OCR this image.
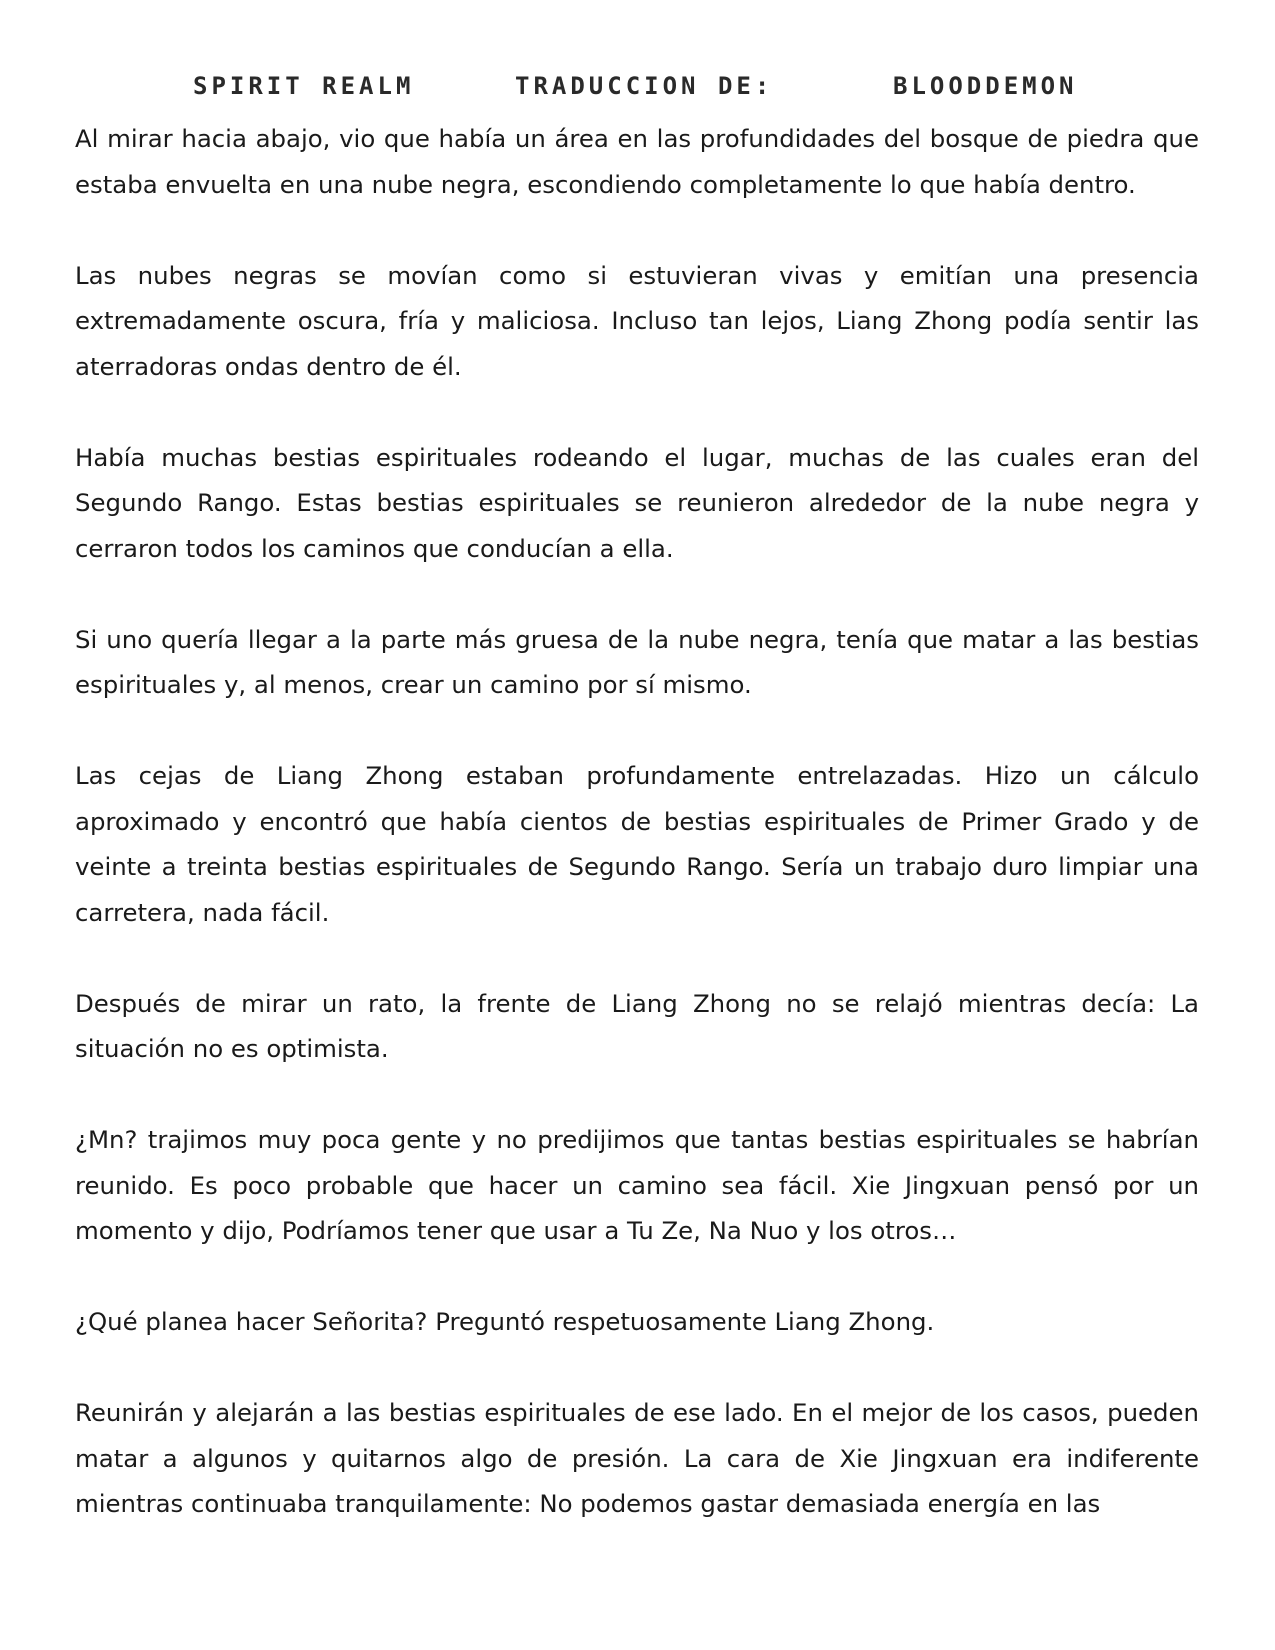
SPIRIT REALM	TRADUCCION DE:	BLOODDEMON

Al mirar hacia abajo, vio que había un área en las profundidades del bosque de piedra que estaba envuelta en una nube negra, escondiendo completamente lo que había dentro.

Las nubes negras se movían como si estuvieran vivas y emitían una presencia extremadamente oscura, fría y maliciosa. Incluso tan lejos, Liang Zhong podía sentir las aterradoras ondas dentro de él.

Había muchas bestias espirituales rodeando el lugar, muchas de las cuales eran del Segundo Rango. Estas bestias espirituales se reunieron alrededor de la nube negra y cerraron todos los caminos que conducían a ella.

Si uno quería llegar a la parte más gruesa de la nube negra, tenía que matar a las bestias espirituales y, al menos, crear un camino por sí mismo.

Las cejas de Liang Zhong estaban profundamente entrelazadas. Hizo un cálculo aproximado y encontró que había cientos de bestias espirituales de Primer Grado y de veinte a treinta bestias espirituales de Segundo Rango. Sería un trabajo duro limpiar una carretera, nada fácil.

Después de mirar un rato, la frente de Liang Zhong no se relajó mientras decía: La situación no es optimista.

¿Mn? trajimos muy poca gente y no predijimos que tantas bestias espirituales se habrían reunido. Es poco probable que hacer un camino sea fácil. Xie Jingxuan pensó por un momento y dijo, Podríamos tener que usar a Tu Ze, Na Nuo y los otros…

¿Qué planea hacer Señorita? Preguntó respetuosamente Liang Zhong.

Reunirán y alejarán a las bestias espirituales de ese lado. En el mejor de los casos, pueden matar a algunos y quitarnos algo de presión. La cara de Xie Jingxuan era indiferente mientras continuaba tranquilamente: No podemos gastar demasiada energía en las
